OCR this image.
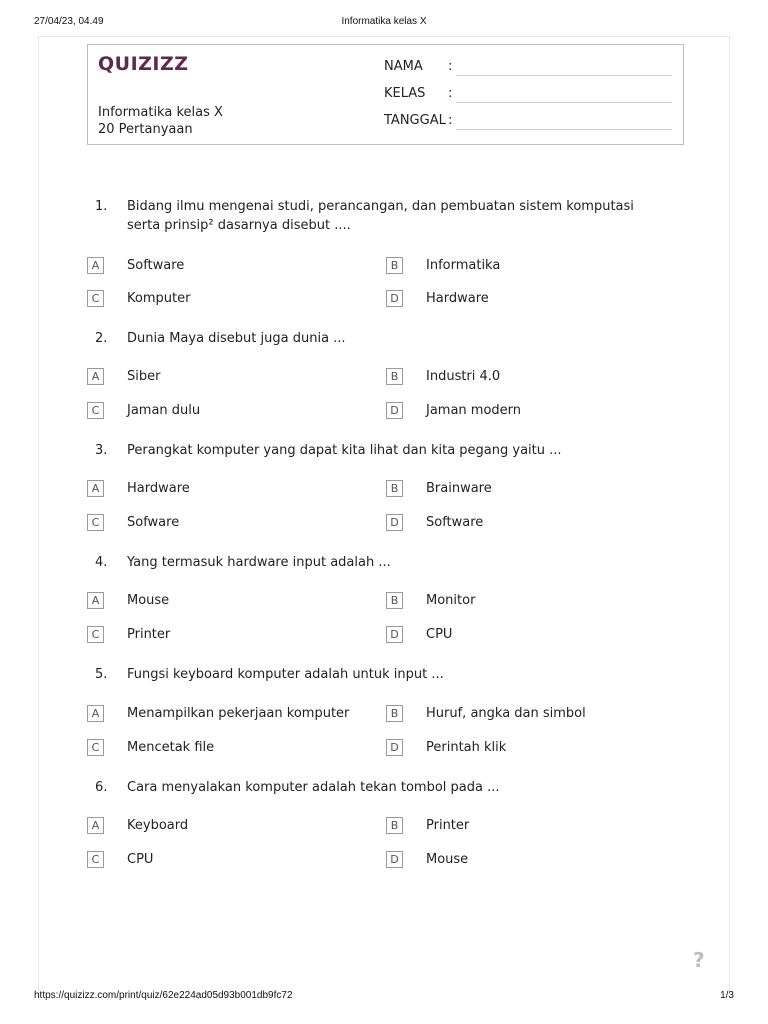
27/04/23, 04.49	Informatika kelas X
QUIZIZZ
Informatika kelas X
20 Pertanyaan
NAMA :
KELAS :
TANGGAL :
1. Bidang ilmu mengenai studi, perancangan, dan pembuatan sistem komputasi serta prinsip² dasarnya disebut ....
A	Software	B	Informatika
C	Komputer	D	Hardware
2. Dunia Maya disebut juga dunia ...
A	Siber	B	Industri 4.0
C	Jaman dulu	D	Jaman modern
3. Perangkat komputer yang dapat kita lihat dan kita pegang yaitu ...
A	Hardware	B	Brainware
C	Sofware	D	Software
4. Yang termasuk hardware input adalah ...
A	Mouse	B	Monitor
C	Printer	D	CPU
5. Fungsi keyboard komputer adalah untuk input ...
A	Menampilkan pekerjaan komputer	B	Huruf, angka dan simbol
C	Mencetak file	D	Perintah klik
6. Cara menyalakan komputer adalah tekan tombol pada ...
A	Keyboard	B	Printer
C	CPU	D	Mouse
?
https://quizizz.com/print/quiz/62e224ad05d93b001db9fc72	1/3
